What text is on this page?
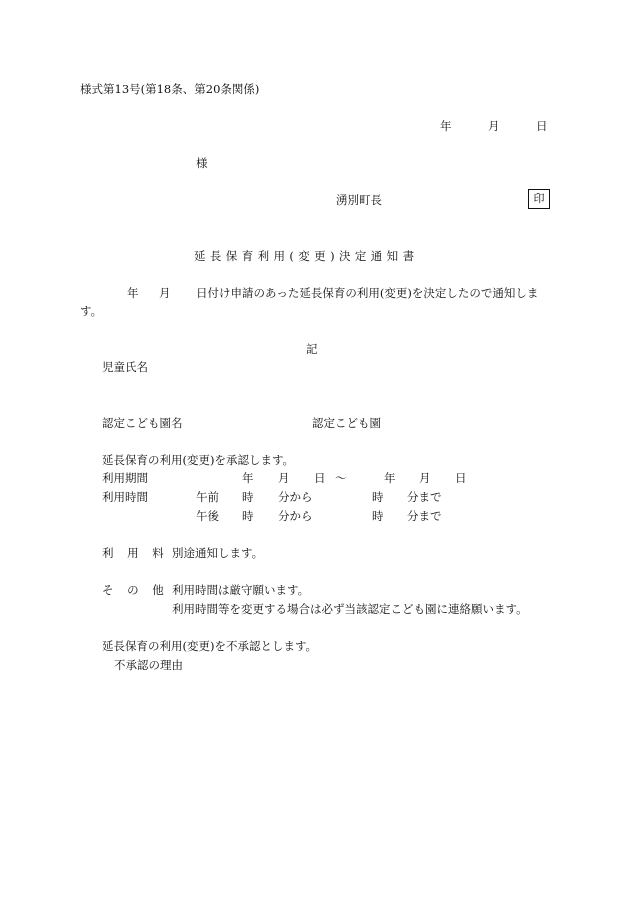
様式第13号(第18条、第20条関係)
年	月	日
様
湧別町長	印
延長保育利用(変更)決定通知書
年 月 日付け申請のあった延長保育の利用(変更)を決定したので通知しま
す。
記
児童氏名
認定こども園名	認定こども園
延長保育の利用(変更)を承認します。
利用期間	年 月 日 ～	年 月 日
利用時間	午前 時 分から	時 分まで
午後 時 分から	時 分まで
利 用 料 別途通知します。
そ の 他 利用時間は厳守願います。
利用時間等を変更する場合は必ず当該認定こども園に連絡願います。
延長保育の利用(変更)を不承認とします。
不承認の理由
